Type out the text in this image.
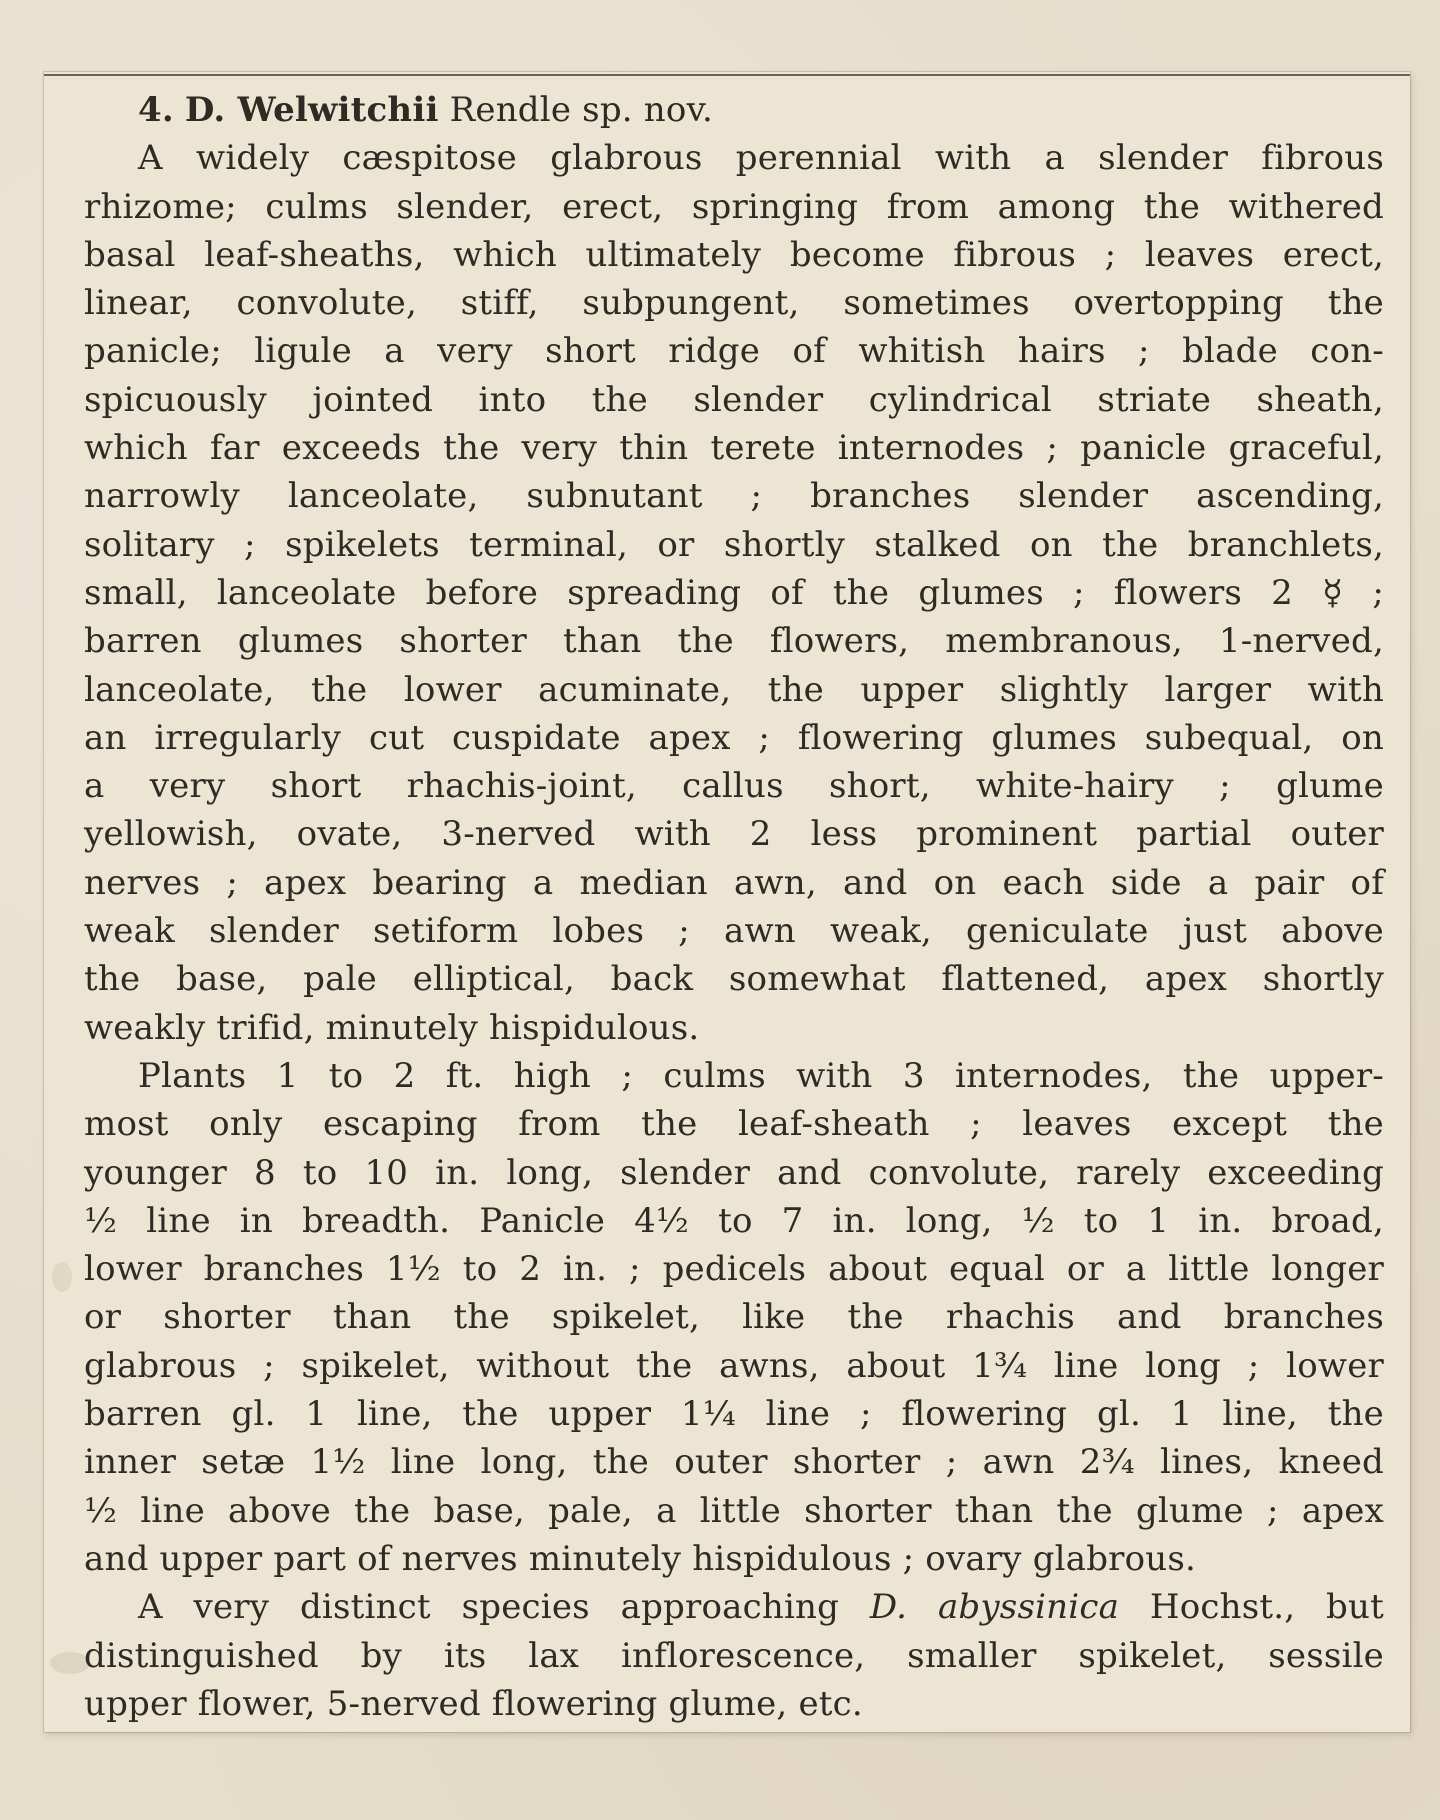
4. D. Welwitchii Rendle sp. nov.
A widely cæspitose glabrous perennial with a slender fibrous
rhizome; culms slender, erect, springing from among the withered
basal leaf-sheaths, which ultimately become fibrous ; leaves erect,
linear, convolute, stiff, subpungent, sometimes overtopping the
panicle; ligule a very short ridge of whitish hairs ; blade con-
spicuously jointed into the slender cylindrical striate sheath,
which far exceeds the very thin terete internodes ; panicle graceful,
narrowly lanceolate, subnutant ; branches slender ascending,
solitary ; spikelets terminal, or shortly stalked on the branchlets,
small, lanceolate before spreading of the glumes ; flowers 2 ☿ ;
barren glumes shorter than the flowers, membranous, 1-nerved,
lanceolate, the lower acuminate, the upper slightly larger with
an irregularly cut cuspidate apex ; flowering glumes subequal, on
a very short rhachis-joint, callus short, white-hairy ; glume
yellowish, ovate, 3-nerved with 2 less prominent partial outer
nerves ; apex bearing a median awn, and on each side a pair of
weak slender setiform lobes ; awn weak, geniculate just above
the base, pale elliptical, back somewhat flattened, apex shortly
weakly trifid, minutely hispidulous.
Plants 1 to 2 ft. high ; culms with 3 internodes, the upper-
most only escaping from the leaf-sheath ; leaves except the
younger 8 to 10 in. long, slender and convolute, rarely exceeding
½ line in breadth. Panicle 4½ to 7 in. long, ½ to 1 in. broad,
lower branches 1½ to 2 in. ; pedicels about equal or a little longer
or shorter than the spikelet, like the rhachis and branches
glabrous ; spikelet, without the awns, about 1¾ line long ; lower
barren gl. 1 line, the upper 1¼ line ; flowering gl. 1 line, the
inner setæ 1½ line long, the outer shorter ; awn 2¾ lines, kneed
½ line above the base, pale, a little shorter than the glume ; apex
and upper part of nerves minutely hispidulous ; ovary glabrous.
A very distinct species approaching D. abyssinica Hochst., but
distinguished by its lax inflorescence, smaller spikelet, sessile
upper flower, 5-nerved flowering glume, etc.
